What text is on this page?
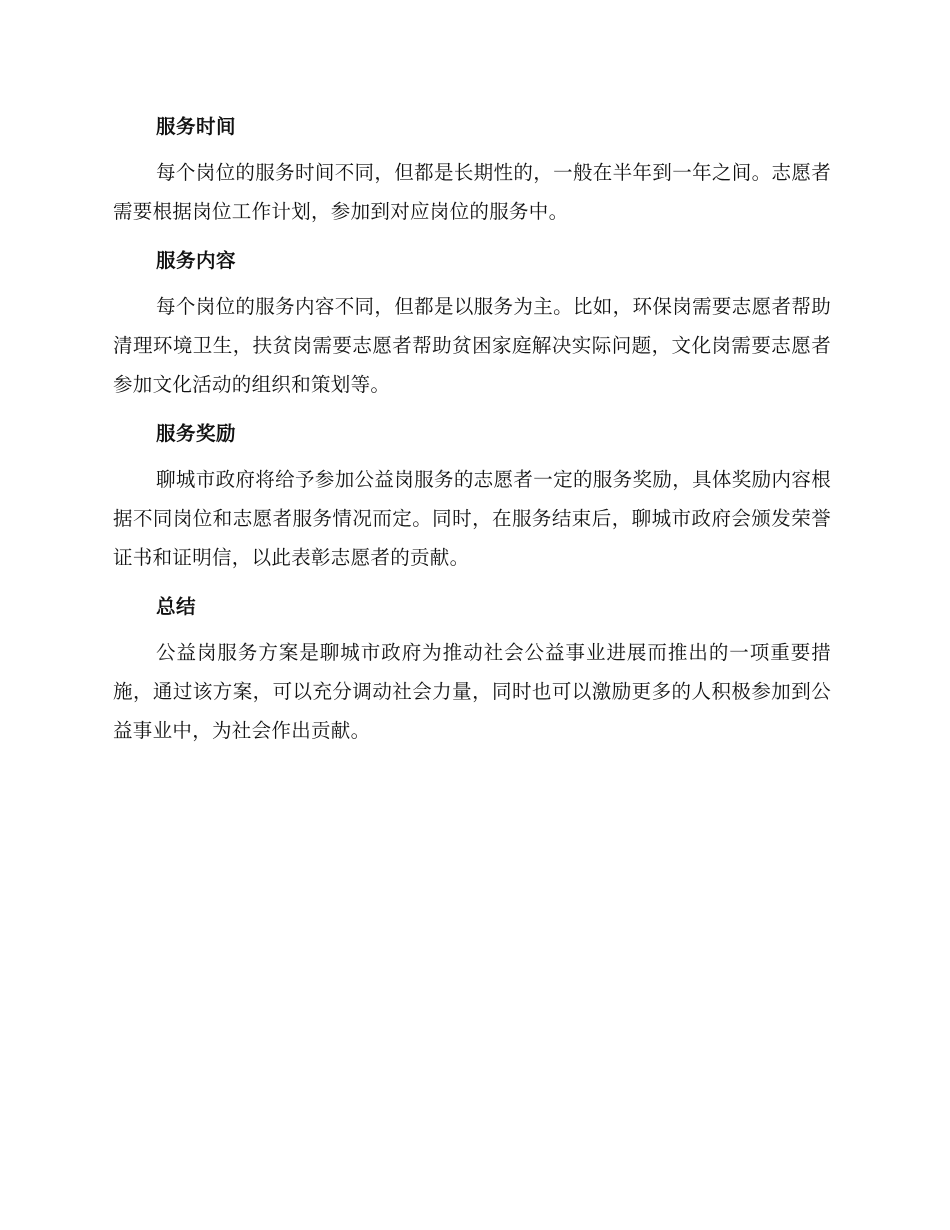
服务时间

每个岗位的服务时间不同，但都是长期性的，一般在半年到一年之间。志愿者需要根据岗位工作计划，参加到对应岗位的服务中。

服务内容

每个岗位的服务内容不同，但都是以服务为主。比如，环保岗需要志愿者帮助清理环境卫生，扶贫岗需要志愿者帮助贫困家庭解决实际问题，文化岗需要志愿者参加文化活动的组织和策划等。

服务奖励

聊城市政府将给予参加公益岗服务的志愿者一定的服务奖励，具体奖励内容根据不同岗位和志愿者服务情况而定。同时，在服务结束后，聊城市政府会颁发荣誉证书和证明信，以此表彰志愿者的贡献。

总结

公益岗服务方案是聊城市政府为推动社会公益事业进展而推出的一项重要措施，通过该方案，可以充分调动社会力量，同时也可以激励更多的人积极参加到公益事业中，为社会作出贡献。
